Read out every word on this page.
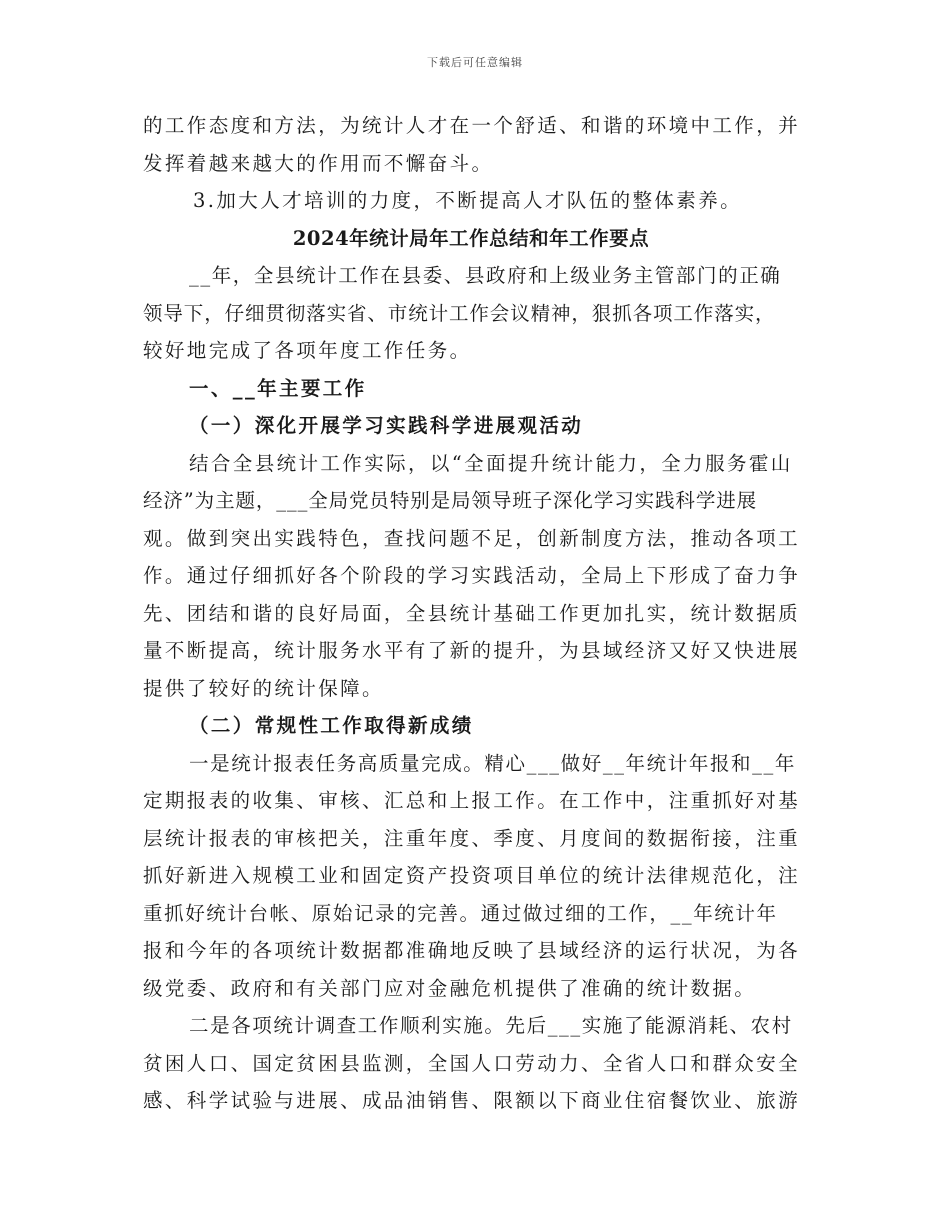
下载后可任意编辑
的工作态度和方法，为统计人才在一个舒适、和谐的环境中工作，并
发挥着越来越大的作用而不懈奋斗。
3.加大人才培训的力度，不断提高人才队伍的整体素养。
2024年统计局年工作总结和年工作要点
__年，全县统计工作在县委、县政府和上级业务主管部门的正确
领导下，仔细贯彻落实省、市统计工作会议精神，狠抓各项工作落实，
较好地完成了各项年度工作任务。
一、__年主要工作
（一）深化开展学习实践科学进展观活动
结合全县统计工作实际，以“全面提升统计能力，全力服务霍山
经济”为主题，___全局党员特别是局领导班子深化学习实践科学进展
观。做到突出实践特色，查找问题不足，创新制度方法，推动各项工
作。通过仔细抓好各个阶段的学习实践活动，全局上下形成了奋力争
先、团结和谐的良好局面，全县统计基础工作更加扎实，统计数据质
量不断提高，统计服务水平有了新的提升，为县域经济又好又快进展
提供了较好的统计保障。
（二）常规性工作取得新成绩
一是统计报表任务高质量完成。精心___做好__年统计年报和__年
定期报表的收集、审核、汇总和上报工作。在工作中，注重抓好对基
层统计报表的审核把关，注重年度、季度、月度间的数据衔接，注重
抓好新进入规模工业和固定资产投资项目单位的统计法律规范化，注
重抓好统计台帐、原始记录的完善。通过做过细的工作，__年统计年
报和今年的各项统计数据都准确地反映了县域经济的运行状况，为各
级党委、政府和有关部门应对金融危机提供了准确的统计数据。
二是各项统计调查工作顺利实施。先后___实施了能源消耗、农村
贫困人口、国定贫困县监测，全国人口劳动力、全省人口和群众安全
感、科学试验与进展、成品油销售、限额以下商业住宿餐饮业、旅游
